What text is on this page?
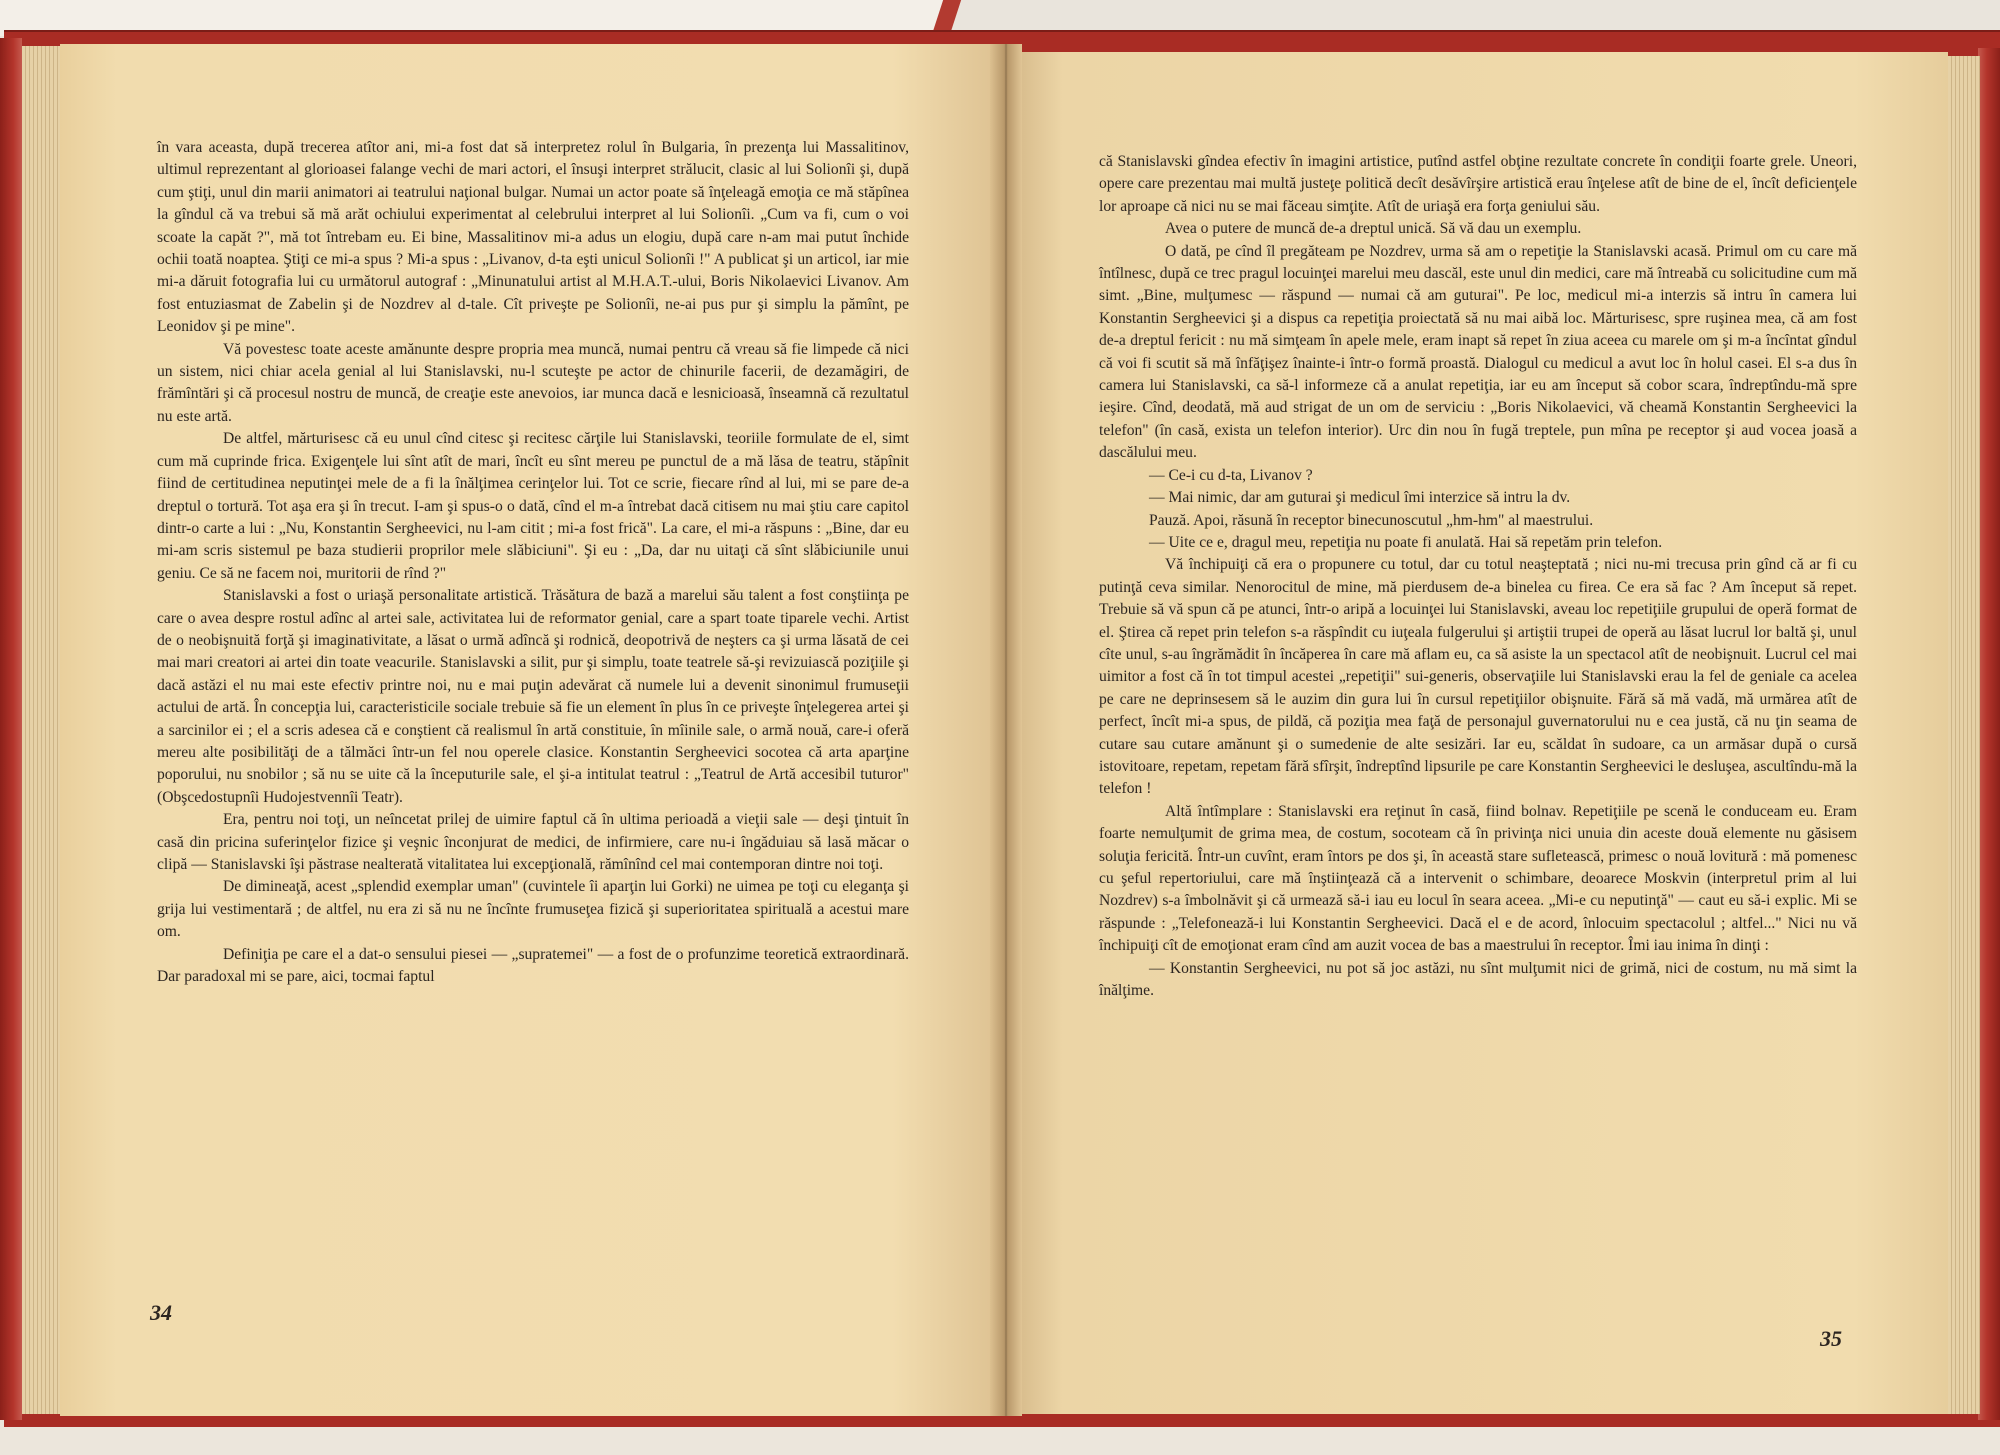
în vara aceasta, după trecerea atîtor ani, mi-a fost dat să interpretez rolul în Bulgaria, în prezenţa lui Massalitinov, ultimul reprezentant al glorioasei falange vechi de mari actori, el însuşi interpret strălucit, clasic al lui Solionîi şi, după cum ştiţi, unul din marii animatori ai teatrului naţional bulgar. Numai un actor poate să înţeleagă emoţia ce mă stăpînea la gîndul că va trebui să mă arăt ochiului experimentat al celebrului interpret al lui Solionîi. „Cum va fi, cum o voi scoate la capăt ?", mă tot întrebam eu. Ei bine, Massalitinov mi-a adus un elogiu, după care n-am mai putut închide ochii toată noaptea. Ştiţi ce mi-a spus ? Mi-a spus : „Livanov, d-ta eşti unicul Solionîi !" A publicat şi un articol, iar mie mi-a dăruit fotografia lui cu următorul autograf : „Minunatului artist al M.H.A.T.-ului, Boris Nikolaevici Livanov. Am fost entuziasmat de Zabelin şi de Nozdrev al d-tale. Cît priveşte pe Solionîi, ne-ai pus pur şi simplu la pămînt, pe Leonidov şi pe mine".

Vă povestesc toate aceste amănunte despre propria mea muncă, numai pentru că vreau să fie limpede că nici un sistem, nici chiar acela genial al lui Stanislavski, nu-l scuteşte pe actor de chinurile facerii, de dezamăgiri, de frămîntări şi că procesul nostru de muncă, de creaţie este anevoios, iar munca dacă e lesnicioasă, înseamnă că rezultatul nu este artă.

De altfel, mărturisesc că eu unul cînd citesc şi recitesc cărţile lui Stanislavski, teoriile formulate de el, simt cum mă cuprinde frica. Exigenţele lui sînt atît de mari, încît eu sînt mereu pe punctul de a mă lăsa de teatru, stăpînit fiind de certitudinea neputinţei mele de a fi la înălţimea cerinţelor lui. Tot ce scrie, fiecare rînd al lui, mi se pare de-a dreptul o tortură. Tot aşa era şi în trecut. I-am şi spus-o o dată, cînd el m-a întrebat dacă citisem nu mai ştiu care capitol dintr-o carte a lui : „Nu, Konstantin Sergheevici, nu l-am citit ; mi-a fost frică". La care, el mi-a răspuns : „Bine, dar eu mi-am scris sistemul pe baza studierii proprilor mele slăbiciuni". Şi eu : „Da, dar nu uitaţi că sînt slăbiciunile unui geniu. Ce să ne facem noi, muritorii de rînd ?"

Stanislavski a fost o uriaşă personalitate artistică. Trăsătura de bază a marelui său talent a fost conştiinţa pe care o avea despre rostul adînc al artei sale, activitatea lui de reformator genial, care a spart toate tiparele vechi. Artist de o neobişnuită forţă şi imaginativitate, a lăsat o urmă adîncă şi rodnică, deopotrivă de neşters ca şi urma lăsată de cei mai mari creatori ai artei din toate veacurile. Stanislavski a silit, pur şi simplu, toate teatrele să-şi revizuiască poziţiile şi dacă astăzi el nu mai este efectiv printre noi, nu e mai puţin adevărat că numele lui a devenit sinonimul frumuseţii actului de artă. În concepţia lui, caracteristicile sociale trebuie să fie un element în plus în ce priveşte înţelegerea artei şi a sarcinilor ei ; el a scris adesea că e conştient că realismul în artă constituie, în mîinile sale, o armă nouă, care-i oferă mereu alte posibilităţi de a tălmăci într-un fel nou operele clasice. Konstantin Sergheevici socotea că arta aparţine poporului, nu snobilor ; să nu se uite că la începuturile sale, el şi-a intitulat teatrul : „Teatrul de Artă accesibil tuturor" (Obşcedostupnîi Hudojestvennîi Teatr).

Era, pentru noi toţi, un neîncetat prilej de uimire faptul că în ultima perioadă a vieţii sale — deşi ţintuit în casă din pricina suferinţelor fizice şi veşnic înconjurat de medici, de infirmiere, care nu-i îngăduiau să lasă măcar o clipă — Stanislavski îşi păstrase nealterată vitalitatea lui excepţională, rămînînd cel mai contemporan dintre noi toţi.

De dimineaţă, acest „splendid exemplar uman" (cuvintele îi aparţin lui Gorki) ne uimea pe toţi cu eleganţa şi grija lui vestimentară ; de altfel, nu era zi să nu ne încînte frumuseţea fizică şi superioritatea spirituală a acestui mare om.

Definiţia pe care el a dat-o sensului piesei — „supratemei" — a fost de o profunzime teoretică extraordinară. Dar paradoxal mi se pare, aici, tocmai faptul

34

că Stanislavski gîndea efectiv în imagini artistice, putînd astfel obţine rezultate concrete în condiţii foarte grele. Uneori, opere care prezentau mai multă justeţe politică decît desăvîrşire artistică erau înţelese atît de bine de el, încît deficienţele lor aproape că nici nu se mai făceau simţite. Atît de uriaşă era forţa geniului său.

Avea o putere de muncă de-a dreptul unică. Să vă dau un exemplu.

O dată, pe cînd îl pregăteam pe Nozdrev, urma să am o repetiţie la Stanislavski acasă. Primul om cu care mă întîlnesc, după ce trec pragul locuinţei marelui meu dascăl, este unul din medici, care mă întreabă cu solicitudine cum mă simt. „Bine, mulţumesc — răspund — numai că am guturai". Pe loc, medicul mi-a interzis să intru în camera lui Konstantin Sergheevici şi a dispus ca repetiţia proiectată să nu mai aibă loc. Mărturisesc, spre ruşinea mea, că am fost de-a dreptul fericit : nu mă simţeam în apele mele, eram inapt să repet în ziua aceea cu marele om şi m-a încîntat gîndul că voi fi scutit să mă înfăţişez înainte-i într-o formă proastă. Dialogul cu medicul a avut loc în holul casei. El s-a dus în camera lui Stanislavski, ca să-l informeze că a anulat repetiţia, iar eu am început să cobor scara, îndreptîndu-mă spre ieşire. Cînd, deodată, mă aud strigat de un om de serviciu : „Boris Nikolaevici, vă cheamă Konstantin Sergheevici la telefon" (în casă, exista un telefon interior). Urc din nou în fugă treptele, pun mîna pe receptor şi aud vocea joasă a dascălului meu.

— Ce-i cu d-ta, Livanov ?

— Mai nimic, dar am guturai şi medicul îmi interzice să intru la dv.

Pauză. Apoi, răsună în receptor binecunoscutul „hm-hm" al maestrului.

— Uite ce e, dragul meu, repetiţia nu poate fi anulată. Hai să repetăm prin telefon.

Vă închipuiţi că era o propunere cu totul, dar cu totul neaşteptată ; nici nu-mi trecusa prin gînd că ar fi cu putinţă ceva similar. Nenorocitul de mine, mă pierdusem de-a binelea cu firea. Ce era să fac ? Am început să repet. Trebuie să vă spun că pe atunci, într-o aripă a locuinţei lui Stanislavski, aveau loc repetiţiile grupului de operă format de el. Ştirea că repet prin telefon s-a răspîndit cu iuţeala fulgerului şi artiştii trupei de operă au lăsat lucrul lor baltă şi, unul cîte unul, s-au îngrămădit în încăperea în care mă aflam eu, ca să asiste la un spectacol atît de neobişnuit. Lucrul cel mai uimitor a fost că în tot timpul acestei „repetiţii" sui-generis, observaţiile lui Stanislavski erau la fel de geniale ca acelea pe care ne deprinsesem să le auzim din gura lui în cursul repetiţiilor obişnuite. Fără să mă vadă, mă urmărea atît de perfect, încît mi-a spus, de pildă, că poziţia mea faţă de personajul guvernatorului nu e cea justă, că nu ţin seama de cutare sau cutare amănunt şi o sumedenie de alte sesizări. Iar eu, scăldat în sudoare, ca un armăsar după o cursă istovitoare, repetam, repetam fără sfîrşit, îndreptînd lipsurile pe care Konstantin Sergheevici le desluşea, ascultîndu-mă la telefon !

Altă întîmplare : Stanislavski era reţinut în casă, fiind bolnav. Repetiţiile pe scenă le conduceam eu. Eram foarte nemulţumit de grima mea, de costum, socoteam că în privinţa nici unuia din aceste două elemente nu găsisem soluţia fericită. Într-un cuvînt, eram întors pe dos şi, în această stare sufletească, primesc o nouă lovitură : mă pomenesc cu şeful repertoriului, care mă înştiinţează că a intervenit o schimbare, deoarece Moskvin (interpretul prim al lui Nozdrev) s-a îmbolnăvit şi că urmează să-i iau eu locul în seara aceea. „Mi-e cu neputinţă" — caut eu să-i explic. Mi se răspunde : „Telefonează-i lui Konstantin Sergheevici. Dacă el e de acord, înlocuim spectacolul ; altfel..." Nici nu vă închipuiţi cît de emoţionat eram cînd am auzit vocea de bas a maestrului în receptor. Îmi iau inima în dinţi :

— Konstantin Sergheevici, nu pot să joc astăzi, nu sînt mulţumit nici de grimă, nici de costum, nu mă simt la înălţime.

35
